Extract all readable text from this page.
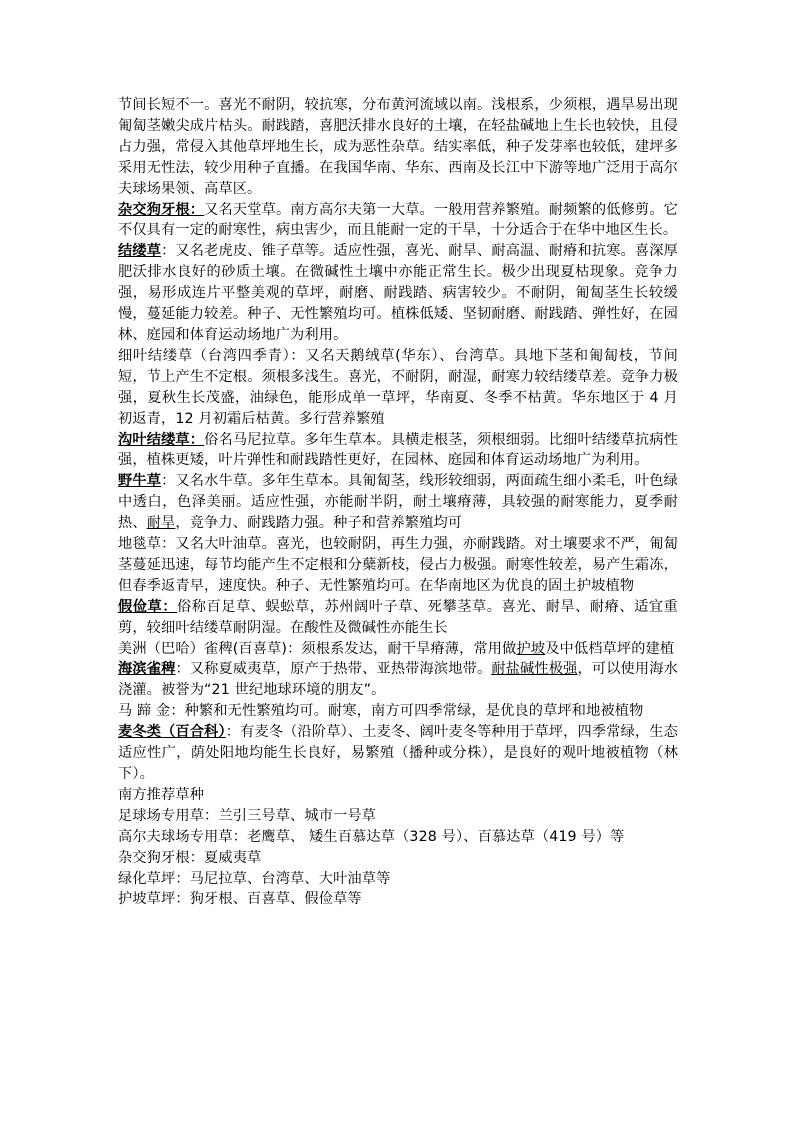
节间长短不一。喜光不耐阴，较抗寒，分布黄河流域以南。浅根系，少须根，遇旱易出现匍匐茎嫩尖成片枯头。耐践踏，喜肥沃排水良好的土壤，在轻盐碱地上生长也较快，且侵占力强，常侵入其他草坪地生长，成为恶性杂草。结实率低，种子发芽率也较低，建坪多采用无性法，较少用种子直播。在我国华南、华东、西南及长江中下游等地广泛用于高尔夫球场果领、高草区。

杂交狗牙根：又名天堂草。南方高尔夫第一大草。一般用营养繁殖。耐频繁的低修剪。它不仅具有一定的耐寒性，病虫害少，而且能耐一定的干旱，十分适合于在华中地区生长。

结缕草：又名老虎皮、锥子草等。适应性强，喜光、耐旱、耐高温、耐瘠和抗寒。喜深厚肥沃排水良好的砂质土壤。在微碱性土壤中亦能正常生长。极少出现夏枯现象。竞争力强，易形成连片平整美观的草坪，耐磨、耐践踏、病害较少。不耐阴，匍匐茎生长较缓慢，蔓延能力较差。种子、无性繁殖均可。植株低矮、坚韧耐磨、耐践踏、弹性好，在园林、庭园和体育运动场地广为利用。

细叶结缕草（台湾四季青）：又名天鹅绒草(华东）、台湾草。具地下茎和匍匐枝，节间短，节上产生不定根。须根多浅生。喜光，不耐阴，耐湿，耐寒力较结缕草差。竞争力极强，夏秋生长茂盛，油绿色，能形成单一草坪，华南夏、冬季不枯黄。华东地区于 4 月初返青，12 月初霜后枯黄。多行营养繁殖

沟叶结缕草：俗名马尼拉草。多年生草本。具横走根茎，须根细弱。比细叶结缕草抗病性强，植株更矮，叶片弹性和耐践踏性更好，在园林、庭园和体育运动场地广为利用。

野牛草：又名水牛草。多年生草本。具匍匐茎，线形较细弱，两面疏生细小柔毛，叶色绿中透白，色泽美丽。适应性强，亦能耐半阴，耐土壤瘠薄，具较强的耐寒能力，夏季耐热、耐旱，竞争力、耐践踏力强。种子和营养繁殖均可

地毯草：又名大叶油草。喜光，也较耐阴，再生力强，亦耐践踏。对土壤要求不严，匍匐茎蔓延迅速，每节均能产生不定根和分蘖新枝，侵占力极强。耐寒性较差，易产生霜冻，但春季返青早，速度快。种子、无性繁殖均可。在华南地区为优良的固土护坡植物

假俭草：俗称百足草、蜈蚣草，苏州阔叶子草、死攀茎草。喜光、耐旱、耐瘠、适宜重剪，较细叶结缕草耐阴湿。在酸性及微碱性亦能生长

美洲（巴哈）雀稗(百喜草)：须根系发达，耐干旱瘠薄，常用做护坡及中低档草坪的建植

海滨雀稗：又称夏威夷草，原产于热带、亚热带海滨地带。耐盐碱性极强，可以使用海水浇灌。被誉为“21 世纪地球环境的朋友”。

马 蹄 金：种繁和无性繁殖均可。耐寒，南方可四季常绿，是优良的草坪和地被植物

麦冬类（百合科）：有麦冬（沿阶草）、土麦冬、阔叶麦冬等种用于草坪，四季常绿，生态适应性广，荫处阳地均能生长良好，易繁殖（播种或分株），是良好的观叶地被植物（林下）。

南方推荐草种

足球场专用草：兰引三号草、城市一号草

高尔夫球场专用草：老鹰草、 矮生百慕达草（328 号）、百慕达草（419 号）等

杂交狗牙根：夏威夷草

绿化草坪：马尼拉草、台湾草、大叶油草等

护坡草坪：狗牙根、百喜草、假俭草等
